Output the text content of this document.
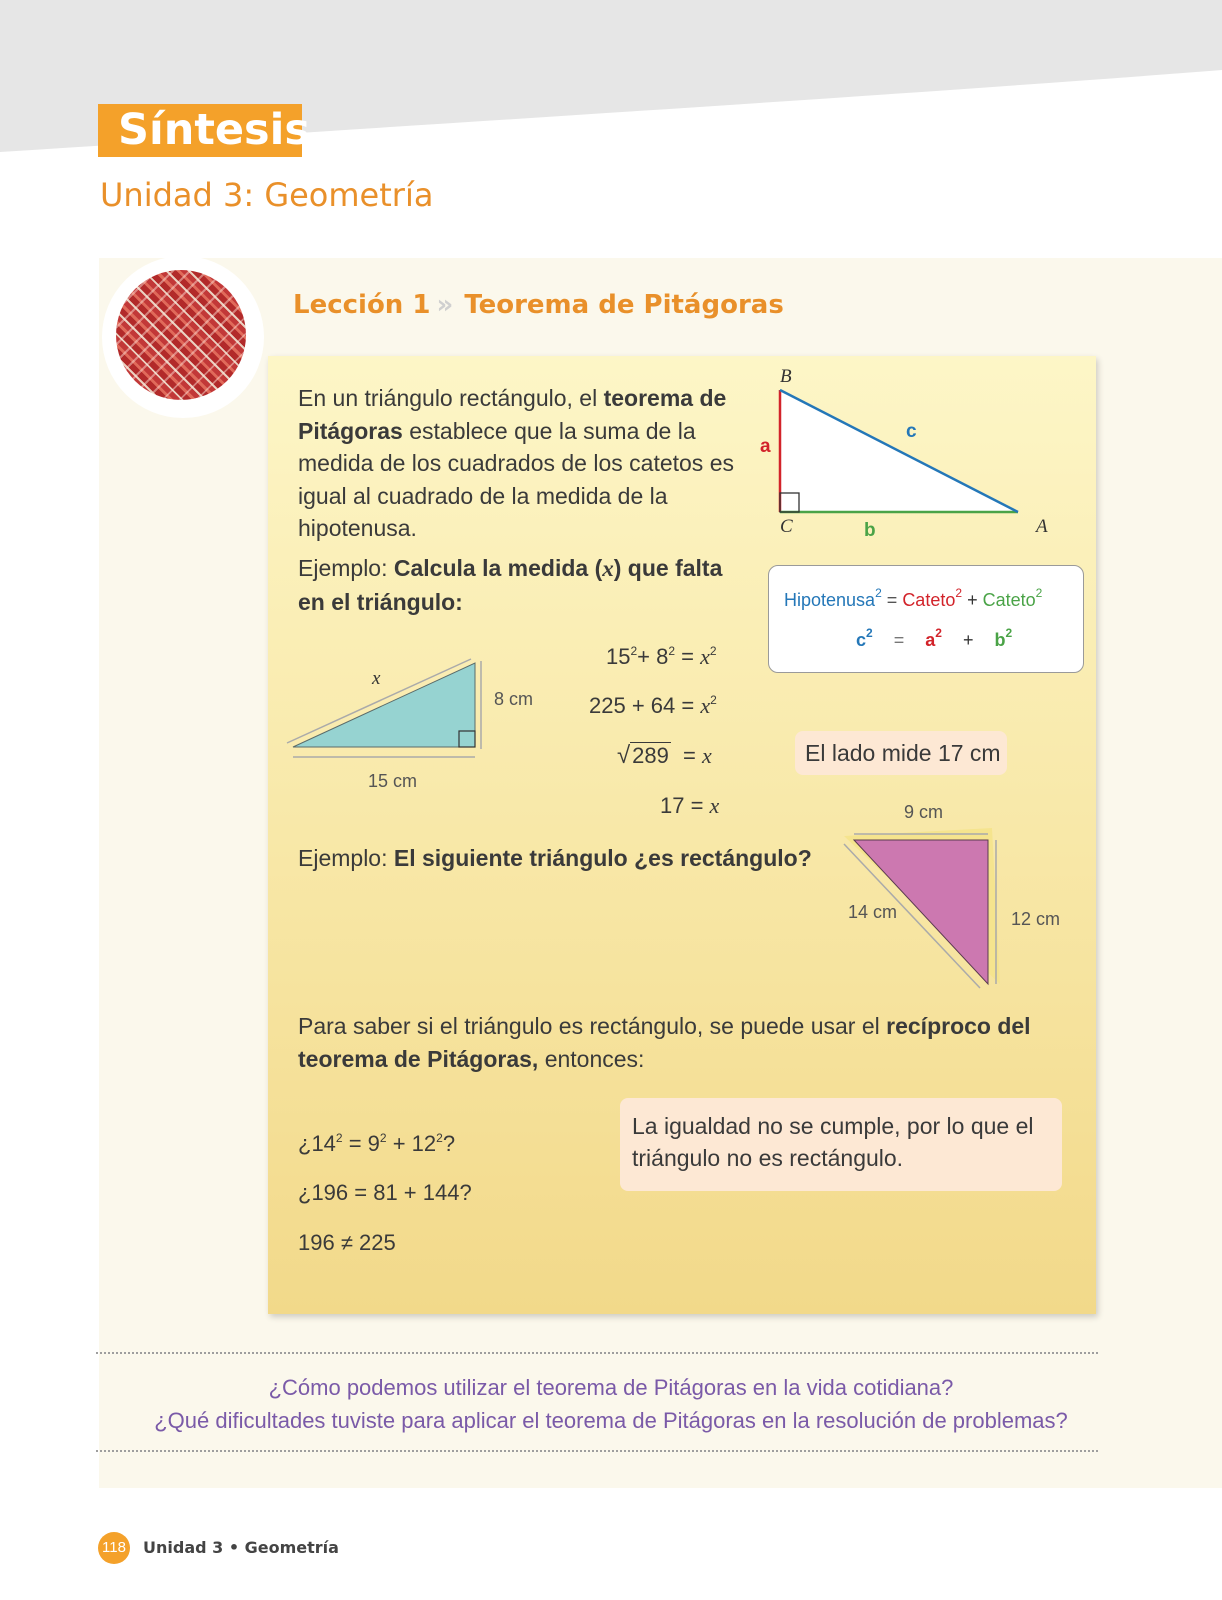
Síntesis
Unidad 3: Geometría
Lección 1 » Teorema de Pitágoras
En un triángulo rectángulo, el teorema de Pitágoras establece que la suma de la medida de los cuadrados de los catetos es igual al cuadrado de la medida de la hipotenusa.
B
C	A
a
b
c
Hipotenusa$^2$ = Cateto$^2$ + Cateto$^2$
$c^2 = a^2 + b^2$
Ejemplo: Calcula la medida (x) que falta en el triángulo:
x
8 cm
15 cm
$15^2+ 8^2 = x^2$
$225 + 64 = x^2$
√289 = x
17 = x
El lado mide 17 cm
Ejemplo: El siguiente triángulo ¿es rectángulo?
9 cm
14 cm	12 cm
Para saber si el triángulo es rectángulo, se puede usar el recíproco del teorema de Pitágoras, entonces:
¿$14^2 = 9^2 + 12^2$?
¿196 = 81 + 144?
196 ≠ 225
La igualdad no se cumple, por lo que el triángulo no es rectángulo.
¿Cómo podemos utilizar el teorema de Pitágoras en la vida cotidiana?
¿Qué dificultades tuviste para aplicar el teorema de Pitágoras en la resolución de problemas?
118 Unidad 3 • Geometría
